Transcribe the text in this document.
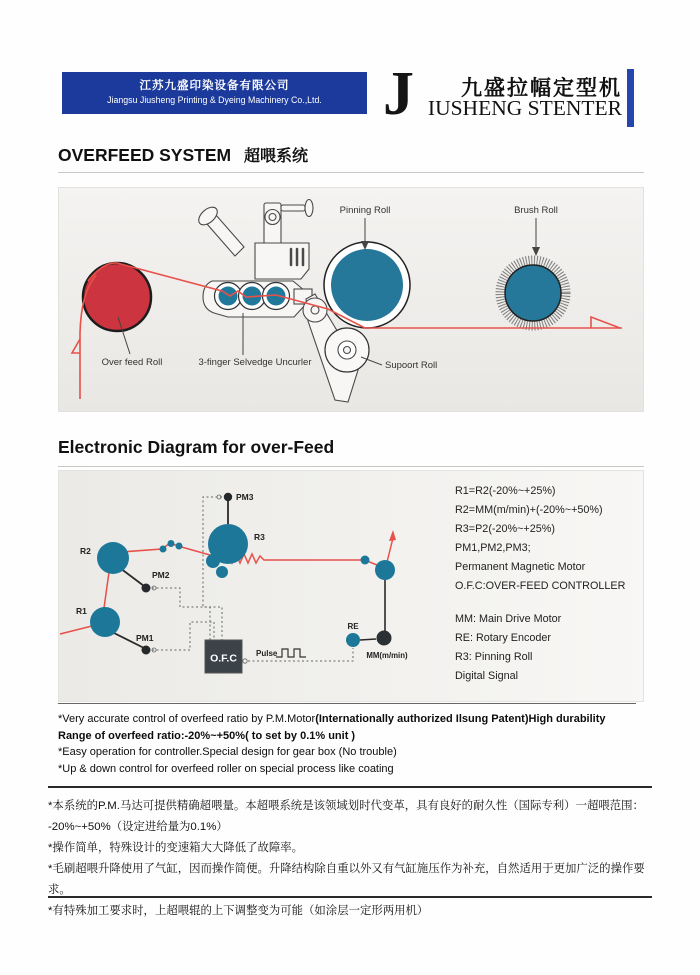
江苏九盛印染设备有限公司
Jiangsu Jiusheng Printing & Dyeing Machinery Co.,Ltd. J	九盛拉幅定型机
IUSHENG STENTER
OVERFEED SYSTEM 超喂系统
Pinning Roll	Brush Roll
Over feed Roll	3-finger Selvedge Uncurler	Supoort Roll
Electronic Diagram for over-Feed
O.F.C
PM3
R3
R2
PM2
R1
PM1
RE
MM(m/min)
Pulse
R1=R2(-20%~+25%)
R2=MM(m/min)+(-20%~+50%)
R3=P2(-20%~+25%)
PM1,PM2,PM3;
Permanent Magnetic Motor
O.F.C:OVER-FEED CONTROLLER
MM: Main Drive Motor
RE: Rotary Encoder
R3: Pinning Roll
Digital Signal
*Very accurate control of overfeed ratio by P.M.Motor(Internationally authorized Ilsung Patent)High durability
Range of overfeed ratio:-20%~+50%( to set by 0.1% unit )
*Easy operation for controller.Special design for gear box (No trouble)
*Up & down control for overfeed roller on special process like coating
*本系统的P.M.马达可提供精确超喂量。本超喂系统是该领域划时代变革，具有良好的耐久性（国际专利）一超喂范围：
-20%~+50%（设定进给量为0.1%）
*操作简单，特殊设计的变速箱大大降低了故障率。
*毛刷超喂升降使用了气缸，因而操作简便。升降结构除自重以外又有气缸施压作为补充，自然适用于更加广泛的操作要求。
*有特殊加工要求时，上超喂辊的上下调整变为可能（如涂层一定形两用机）
